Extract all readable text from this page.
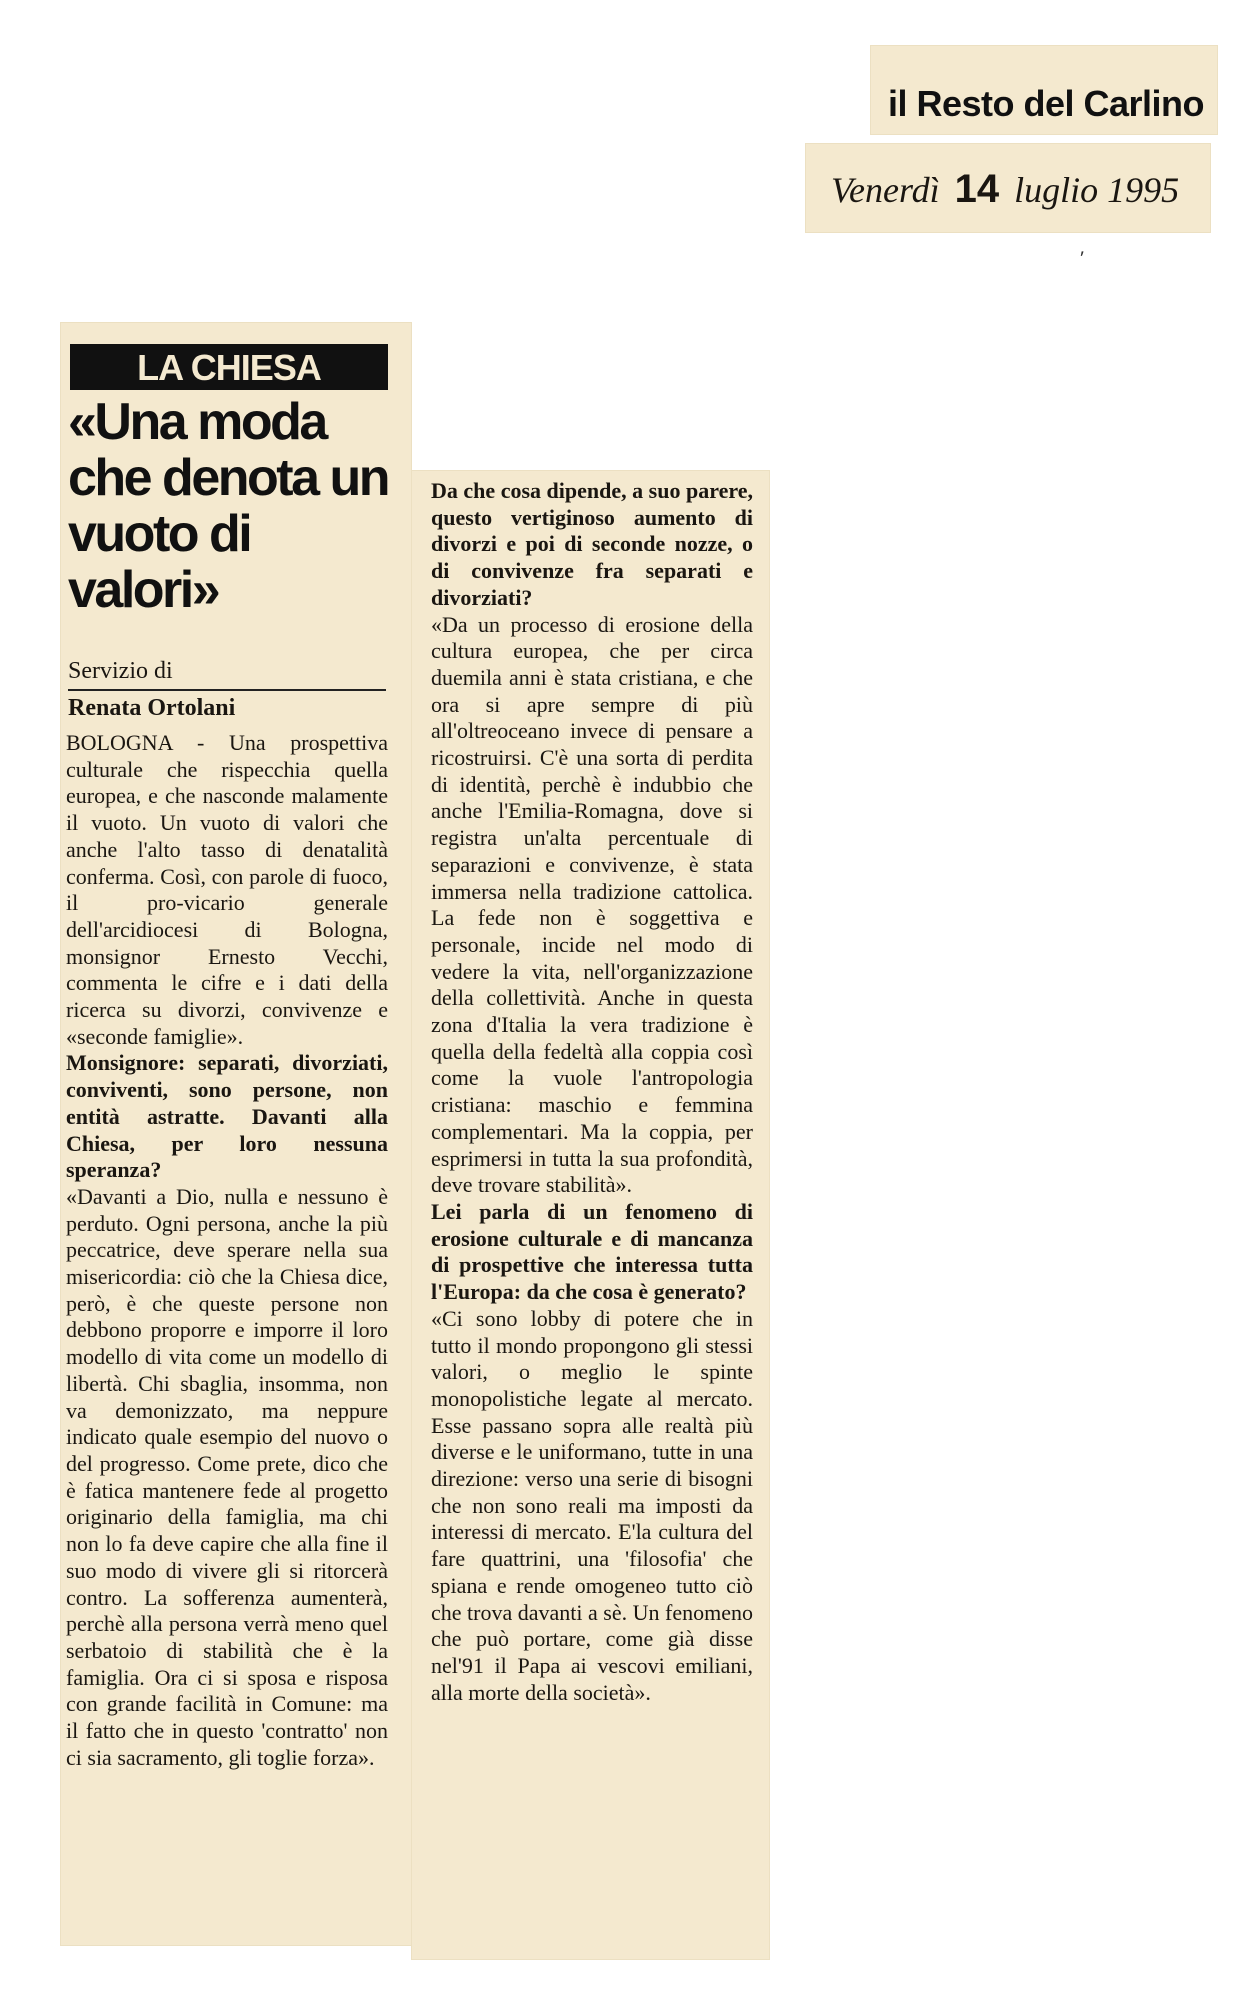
il Resto del Carlino
Venerdì 14 luglio 1995
⸴
LA CHIESA
«Una moda che denota un vuoto di valori»
Servizio di
Renata Ortolani

BOLOGNA - Una prospettiva culturale che rispecchia quella europea, e che nasconde malamente il vuoto. Un vuoto di valori che anche l'alto tasso di denatalità conferma. Così, con parole di fuoco, il pro-vicario generale dell'arcidiocesi di Bologna, monsignor Ernesto Vecchi, commenta le cifre e i dati della ricerca su divorzi, convivenze e «seconde famiglie».

Monsignore: separati, divorziati, conviventi, sono persone, non entità astratte. Davanti alla Chiesa, per loro nessuna speranza?

«Davanti a Dio, nulla e nessuno è perduto. Ogni persona, anche la più peccatrice, deve sperare nella sua misericordia: ciò che la Chiesa dice, però, è che queste persone non debbono proporre e imporre il loro modello di vita come un modello di libertà. Chi sbaglia, insomma, non va demonizzato, ma neppure indicato quale esempio del nuovo o del progresso. Come prete, dico che è fatica mantenere fede al progetto originario della famiglia, ma chi non lo fa deve capire che alla fine il suo modo di vivere gli si ritorcerà contro. La sofferenza aumenterà, perchè alla persona verrà meno quel serbatoio di stabilità che è la famiglia. Ora ci si sposa e risposa con grande facilità in Comune: ma il fatto che in questo 'contratto' non ci sia sacramento, gli toglie forza».

Da che cosa dipende, a suo parere, questo vertiginoso aumento di divorzi e poi di seconde nozze, o di convivenze fra separati e divorziati?

«Da un processo di erosione della cultura europea, che per circa duemila anni è stata cristiana, e che ora si apre sempre di più all'oltreoceano invece di pensare a ricostruirsi. C'è una sorta di perdita di identità, perchè è indubbio che anche l'Emilia-Romagna, dove si registra un'alta percentuale di separazioni e convivenze, è stata immersa nella tradizione cattolica. La fede non è soggettiva e personale, incide nel modo di vedere la vita, nell'organizzazione della collettività. Anche in questa zona d'Italia la vera tradizione è quella della fedeltà alla coppia così come la vuole l'antropologia cristiana: maschio e femmina complementari. Ma la coppia, per esprimersi in tutta la sua profondità, deve trovare stabilità».

Lei parla di un fenomeno di erosione culturale e di mancanza di prospettive che interessa tutta l'Europa: da che cosa è generato?

«Ci sono lobby di potere che in tutto il mondo propongono gli stessi valori, o meglio le spinte monopolistiche legate al mercato. Esse passano sopra alle realtà più diverse e le uniformano, tutte in una direzione: verso una serie di bisogni che non sono reali ma imposti da interessi di mercato. E'la cultura del fare quattrini, una 'filosofia' che spiana e rende omogeneo tutto ciò che trova davanti a sè. Un fenomeno che può portare, come già disse nel'91 il Papa ai vescovi emiliani, alla morte della società».
